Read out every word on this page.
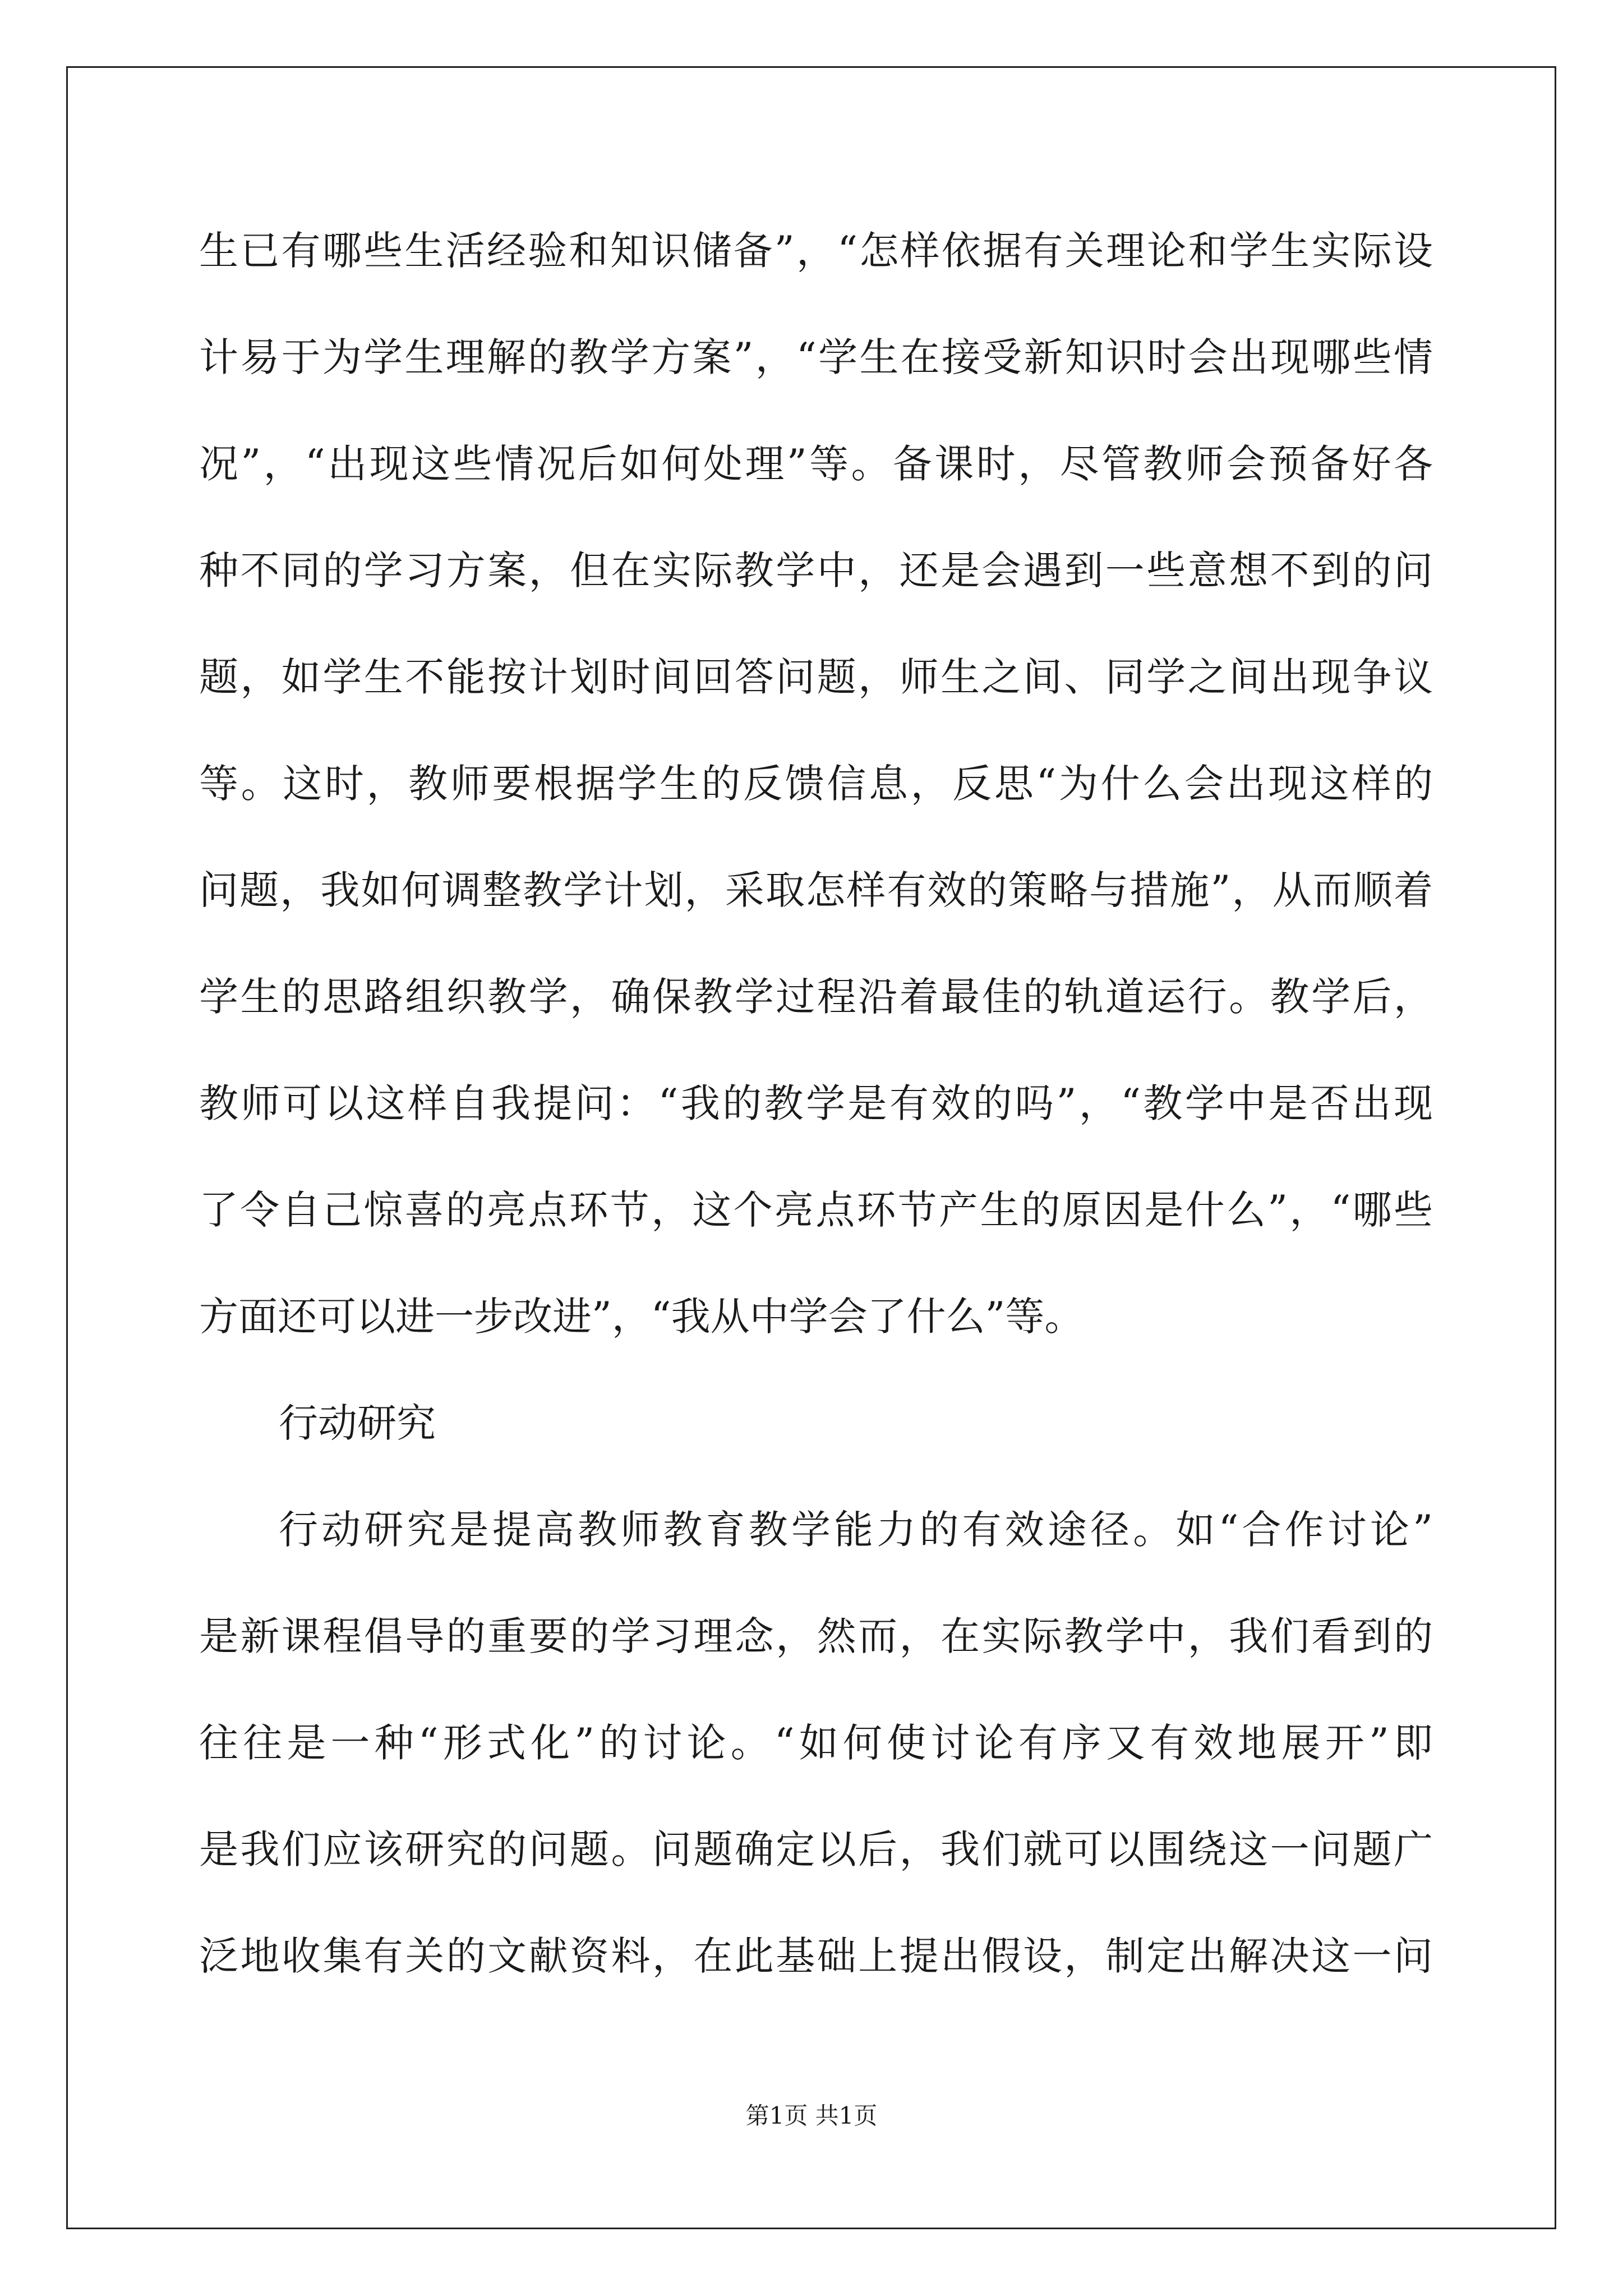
生已有哪些生活经验和知识储备”，“怎样依据有关理论和学生实际设
计易于为学生理解的教学方案”，“学生在接受新知识时会出现哪些情
况”，“出现这些情况后如何处理”等。备课时，尽管教师会预备好各
种不同的学习方案，但在实际教学中，还是会遇到一些意想不到的问
题，如学生不能按计划时间回答问题，师生之间、同学之间出现争议
等。这时，教师要根据学生的反馈信息，反思“为什么会出现这样的
问题，我如何调整教学计划，采取怎样有效的策略与措施”，从而顺着
学生的思路组织教学，确保教学过程沿着最佳的轨道运行。教学后，
教师可以这样自我提问：“我的教学是有效的吗”，“教学中是否出现
了令自己惊喜的亮点环节，这个亮点环节产生的原因是什么”，“哪些
方面还可以进一步改进”，“我从中学会了什么”等。
行动研究
行动研究是提高教师教育教学能力的有效途径。如“合作讨论”
是新课程倡导的重要的学习理念，然而，在实际教学中，我们看到的
往往是一种“形式化”的讨论。“如何使讨论有序又有效地展开”即
是我们应该研究的问题。问题确定以后，我们就可以围绕这一问题广
泛地收集有关的文献资料，在此基础上提出假设，制定出解决这一问
第1页 共1页
